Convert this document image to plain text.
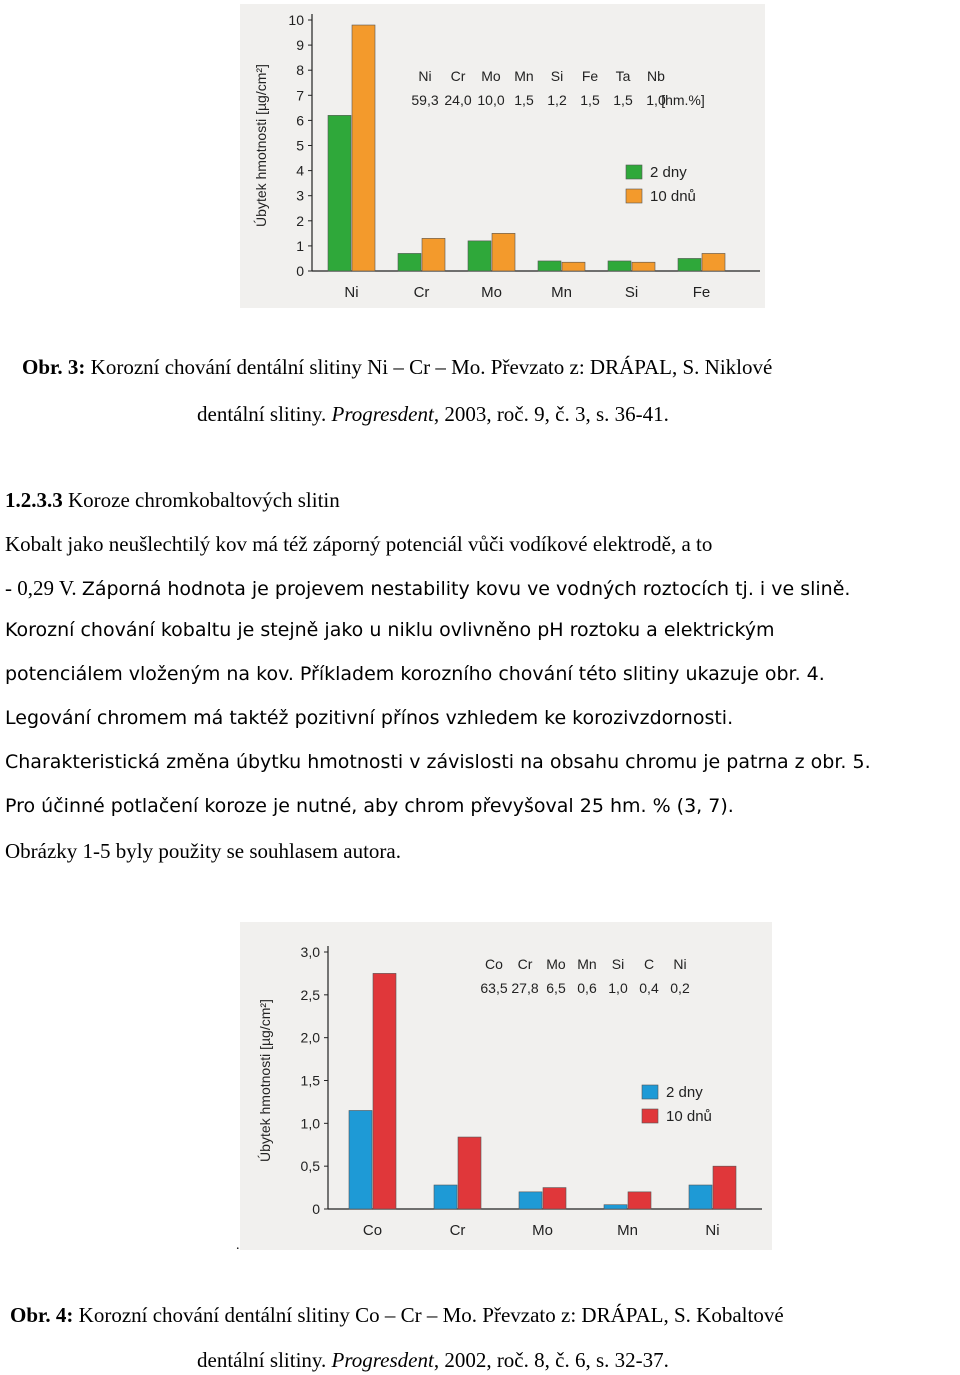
0
1
2
3
4
5
6
7
8
9
10
Úbytek hmotnosti [µg/cm²]
Ni	Cr	Mo	Mn	Si	Fe
Ni
59,3
Cr
24,0
Mo
10,0
Mn
1,5
Si
1,2
Fe
1,5
Ta
1,5
Nb
1,0
[hm.%]
2 dny
10 dnů
Obr. 3: Korozní chování dentální slitiny Ni – Cr – Mo. Převzato z: DRÁPAL, S. Niklové
dentální slitiny. Progresdent, 2003, roč. 9, č. 3, s. 36-41.
1.2.3.3 Koroze chromkobaltových slitin
Kobalt jako neušlechtilý kov má též záporný potenciál vůči vodíkové elektrodě, a to
- 0,29 V. Záporná hodnota je projevem nestability kovu ve vodných roztocích tj. i ve slině.
Korozní chování kobaltu je stejně jako u niklu ovlivněno pH roztoku a elektrickým
potenciálem vloženým na kov. Příkladem korozního chování této slitiny ukazuje obr. 4.
Legování chromem má taktéž pozitivní přínos vzhledem ke korozivzdornosti.
Charakteristická změna úbytku hmotnosti v závislosti na obsahu chromu je patrna z obr. 5.
Pro účinné potlačení koroze je nutné, aby chrom převyšoval 25 hm. % (3, 7).
Obrázky 1-5 byly použity se souhlasem autora.
0
0,5
1,0
1,5
2,0
2,5
3,0
Úbytek hmotnosti [µg/cm²]
Co	Cr	Mo	Mn	Ni
Co
63,5
Cr
27,8
Mo
6,5
Mn
0,6
Si
1,0
C
0,4
Ni
0,2
2 dny
10 dnů
.
Obr. 4: Korozní chování dentální slitiny Co – Cr – Mo. Převzato z: DRÁPAL, S. Kobaltové
dentální slitiny. Progresdent, 2002, roč. 8, č. 6, s. 32-37.
